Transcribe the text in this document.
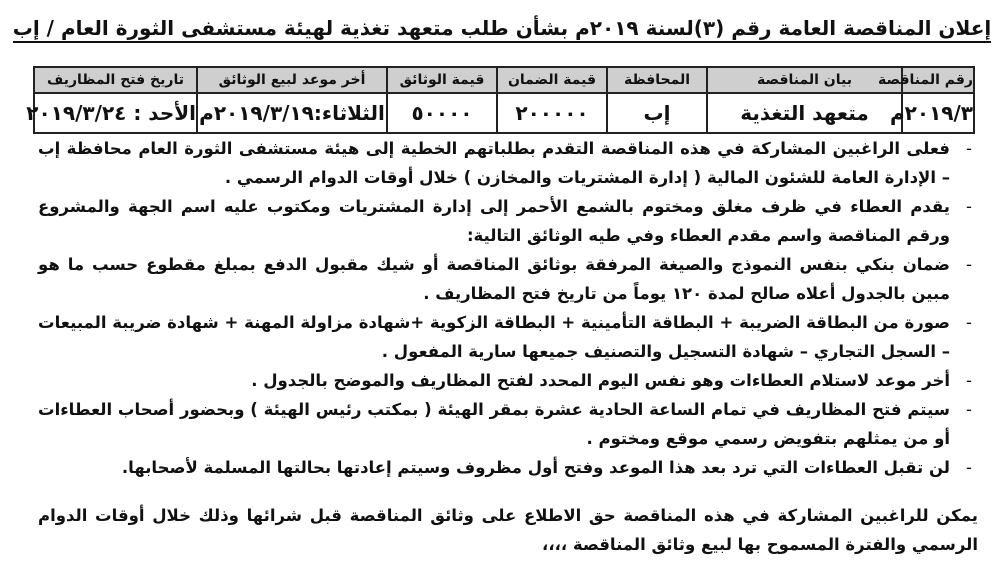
إعلان المناقصة العامة رقم (٣)لسنة ٢٠١٩م بشأن طلب متعهد تغذية لهيئة مستشفى الثورة العام / إب
رقم المناقصة	بيان المناقصة	المحافظة	قيمة الضمان	قيمة الوثائق	أخر موعد لبيع الوثائق	تاريخ فتح المظاريف
٢٠١٩/٣م	متعهد التغذية	إب	٢٠٠٠٠٠	٥٠٠٠٠	الثلاثاء:٢٠١٩/٣/١٩م	الأحد : ٢٠١٩/٣/٢٤
-
فعلى الراغبين المشاركة في هذه المناقصة التقدم بطلباتهم الخطية إلى هيئة مستشفى الثورة العام محافظة إب – الإدارة العامة للشئون المالية ( إدارة المشتريات والمخازن ) خلال أوقات الدوام الرسمي .
-
يقدم العطاء في ظرف مغلق ومختوم بالشمع الأحمر إلى إدارة المشتريات ومكتوب عليه اسم الجهة والمشروع ورقم المناقصة واسم مقدم العطاء وفي طيه الوثائق التالية:
-
ضمان بنكي بنفس النموذج والصيغة المرفقة بوثائق المناقصة أو شيك مقبول الدفع بمبلغ مقطوع حسب ما هو مبين بالجدول أعلاه صالح لمدة ١٢٠ يوماً من تاريخ فتح المظاريف .
-
صورة من البطاقة الضريبة + البطاقة التأمينية + البطاقة الزكوية +شهادة مزاولة المهنة + شهادة ضريبة المبيعات – السجل التجاري – شهادة التسجيل والتصنيف جميعها سارية المفعول .
-
أخر موعد لاستلام العطاءات وهو نفس اليوم المحدد لفتح المظاريف والموضح بالجدول .
-
سيتم فتح المظاريف في تمام الساعة الحادية عشرة بمقر الهيئة ( بمكتب رئيس الهيئة ) وبحضور أصحاب العطاءات أو من يمثلهم بتفويض رسمي موقع ومختوم .
-
لن تقبل العطاءات التي ترد بعد هذا الموعد وفتح أول مظروف وسيتم إعادتها بحالتها المسلمة لأصحابها.
يمكن للراغبين المشاركة في هذه المناقصة حق الاطلاع على وثائق المناقصة قبل شرائها وذلك خلال أوقات الدوام الرسمي والفترة المسموح بها لبيع وثائق المناقصة ،،،،
